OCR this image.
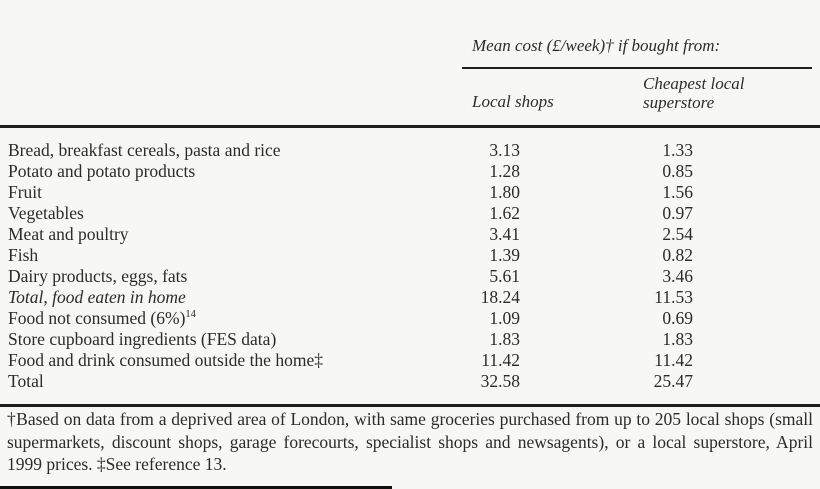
Mean cost (£/week)† if bought from:
Local shops
Cheapest local superstore
Bread, breakfast cereals, pasta and rice	3.13	1.33
Potato and potato products	1.28	0.85
Fruit	1.80	1.56
Vegetables	1.62	0.97
Meat and poultry	3.41	2.54
Fish	1.39	0.82
Dairy products, eggs, fats	5.61	3.46
Total, food eaten in home	18.24	11.53
Food not consumed $(6\%)^{14}$	1.09	0.69
Store cupboard ingredients (FES data)	1.83	1.83
Food and drink consumed outside the home‡	11.42	11.42
Total	32.58	25.47

†Based on data from a deprived area of London, with same groceries purchased from up to 205 local shops (small supermarkets, discount shops, garage forecourts, specialist shops and newsagents), or a local superstore, April 1999 prices. ‡See reference 13.
